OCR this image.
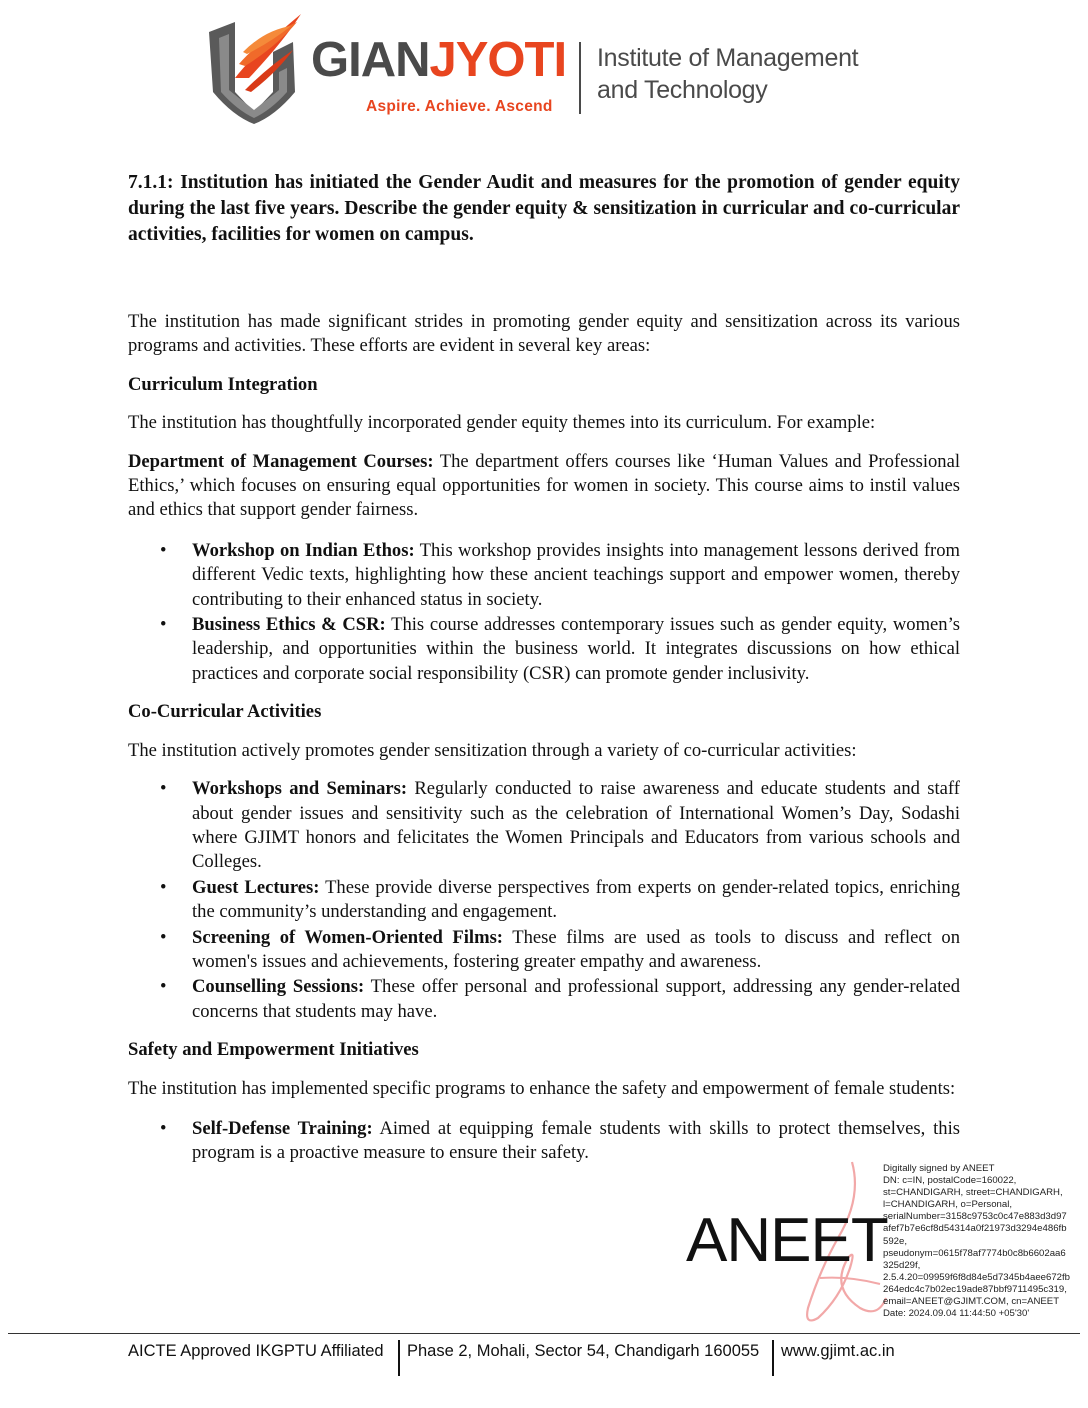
GIANJYOTI
Aspire. Achieve. Ascend
Institute of Management
and Technology

7.1.1: Institution has initiated the Gender Audit and measures for the promotion of gender equity during the last five years. Describe the gender equity & sensitization in curricular and co-curricular activities, facilities for women on campus.

The institution has made significant strides in promoting gender equity and sensitization across its various programs and activities. These efforts are evident in several key areas:

Curriculum Integration

The institution has thoughtfully incorporated gender equity themes into its curriculum. For example:

Department of Management Courses: The department offers courses like ‘Human Values and Professional Ethics,’ which focuses on ensuring equal opportunities for women in society. This course aims to instil values and ethics that support gender fairness.

• Workshop on Indian Ethos: This workshop provides insights into management lessons derived from different Vedic texts, highlighting how these ancient teachings support and empower women, thereby contributing to their enhanced status in society.
• Business Ethics & CSR: This course addresses contemporary issues such as gender equity, women’s leadership, and opportunities within the business world. It integrates discussions on how ethical practices and corporate social responsibility (CSR) can promote gender inclusivity.

Co-Curricular Activities

The institution actively promotes gender sensitization through a variety of co-curricular activities:

• Workshops and Seminars: Regularly conducted to raise awareness and educate students and staff about gender issues and sensitivity such as the celebration of International Women’s Day, Sodashi where GJIMT honors and felicitates the Women Principals and Educators from various schools and Colleges.
• Guest Lectures: These provide diverse perspectives from experts on gender-related topics, enriching the community’s understanding and engagement.
• Screening of Women-Oriented Films: These films are used as tools to discuss and reflect on women's issues and achievements, fostering greater empathy and awareness.
• Counselling Sessions: These offer personal and professional support, addressing any gender-related concerns that students may have.

Safety and Empowerment Initiatives

The institution has implemented specific programs to enhance the safety and empowerment of female students:

• Self-Defense Training: Aimed at equipping female students with skills to protect themselves, this program is a proactive measure to ensure their safety.
ANEET
Digitally signed by ANEET
DN: c=IN, postalCode=160022,
st=CHANDIGARH, street=CHANDIGARH,
l=CHANDIGARH, o=Personal,
serialNumber=3158c9753c0c47e883d3d97
afef7b7e6cf8d54314a0f21973d3294e486fb
592e,
pseudonym=0615f78af7774b0c8b6602aa6
325d29f,
2.5.4.20=09959f6f8d84e5d7345b4aee672fb
264edc4c7b02ec19ade87bbf9711495c319,
email=ANEET@GJIMT.COM, cn=ANEET
Date: 2024.09.04 11:44:50 +05'30'
AICTE Approved IKGPTU Affiliated Phase 2, Mohali, Sector 54, Chandigarh 160055 www.gjimt.ac.in
